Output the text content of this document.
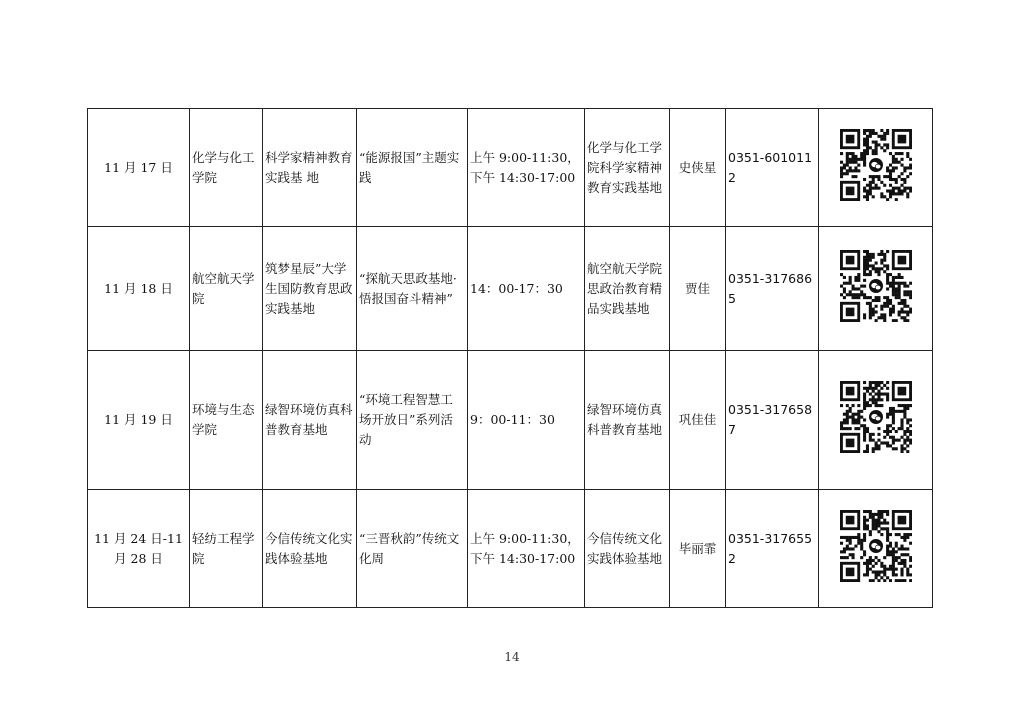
11 月 17 日	化学与化工学院	科学家精神教育实践基 地	“能源报国”主题实践	上午 9:00-11:30，下午 14:30-17:00	化学与化工学院科学家精神教育实践基地	史侠星	0351-6010112	
11 月 18 日	航空航天学院	筑梦星辰”大学生国防教育思政实践基地	“探航天思政基地·悟报国奋斗精神”	14：00-17：30	航空航天学院思政治教育精品实践基地	贾佳	0351-3176865	
11 月 19 日	环境与生态学院	绿智环境仿真科普教育基地	“环境工程智慧工场开放日”系列活动	9：00-11：30	绿智环境仿真科普教育基地	巩佳佳	0351-3176587	
11 月 24 日-11 月 28 日	轻纺工程学院	今信传统文化实践体验基地	“三晋秋韵”传统文化周	上午 9:00-11:30，下午 14:30-17:00	今信传统文化实践体验基地	毕丽霏	0351-3176552	
14
